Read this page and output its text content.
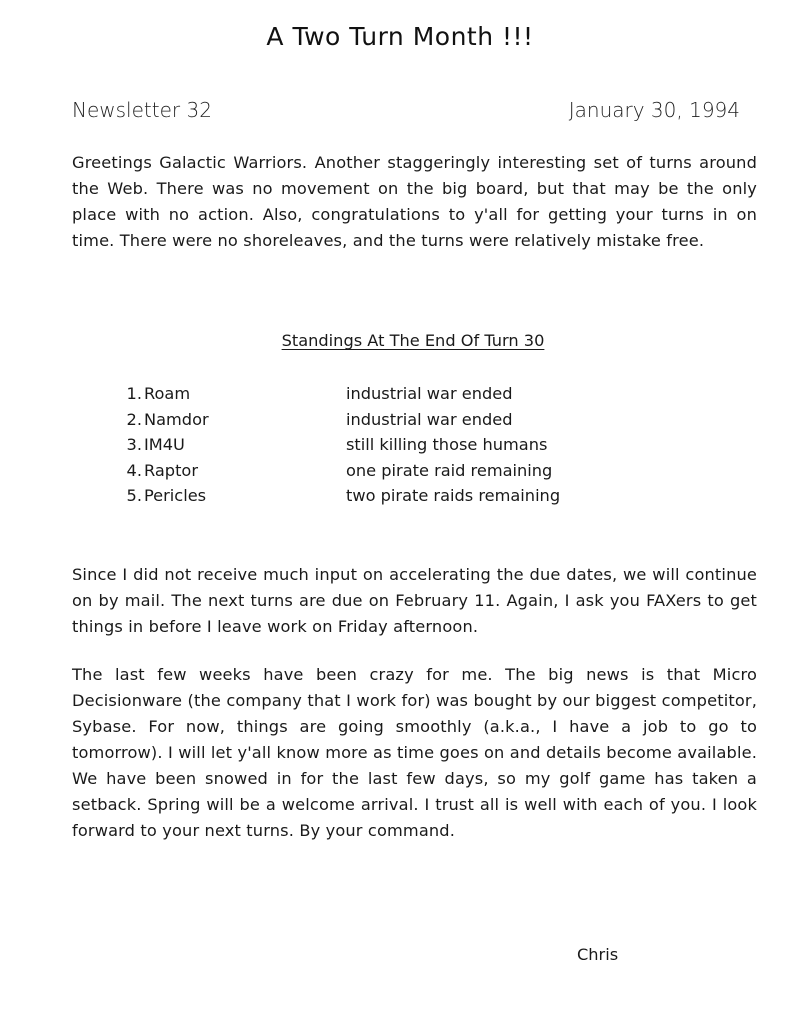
A Two Turn Month !!!
Newsletter 32	January 30, 1994

Greetings Galactic Warriors. Another staggeringly interesting set of turns around the Web. There was no movement on the big board, but that may be the only place with no action. Also, congratulations to y'all for getting your turns in on time. There were no shoreleaves, and the turns were relatively mistake free.

Standings At The End Of Turn 30
1. Roam	industrial war ended
2. Namdor	industrial war ended
3. IM4U	still killing those humans
4. Raptor	one pirate raid remaining
5. Pericles	two pirate raids remaining

Since I did not receive much input on accelerating the due dates, we will continue on by mail. The next turns are due on February 11. Again, I ask you FAXers to get things in before I leave work on Friday afternoon.

The last few weeks have been crazy for me. The big news is that Micro Decisionware (the company that I work for) was bought by our biggest competitor, Sybase. For now, things are going smoothly (a.k.a., I have a job to go to tomorrow). I will let y'all know more as time goes on and details become available. We have been snowed in for the last few days, so my golf game has taken a setback. Spring will be a welcome arrival. I trust all is well with each of you. I look forward to your next turns. By your command.

Chris
